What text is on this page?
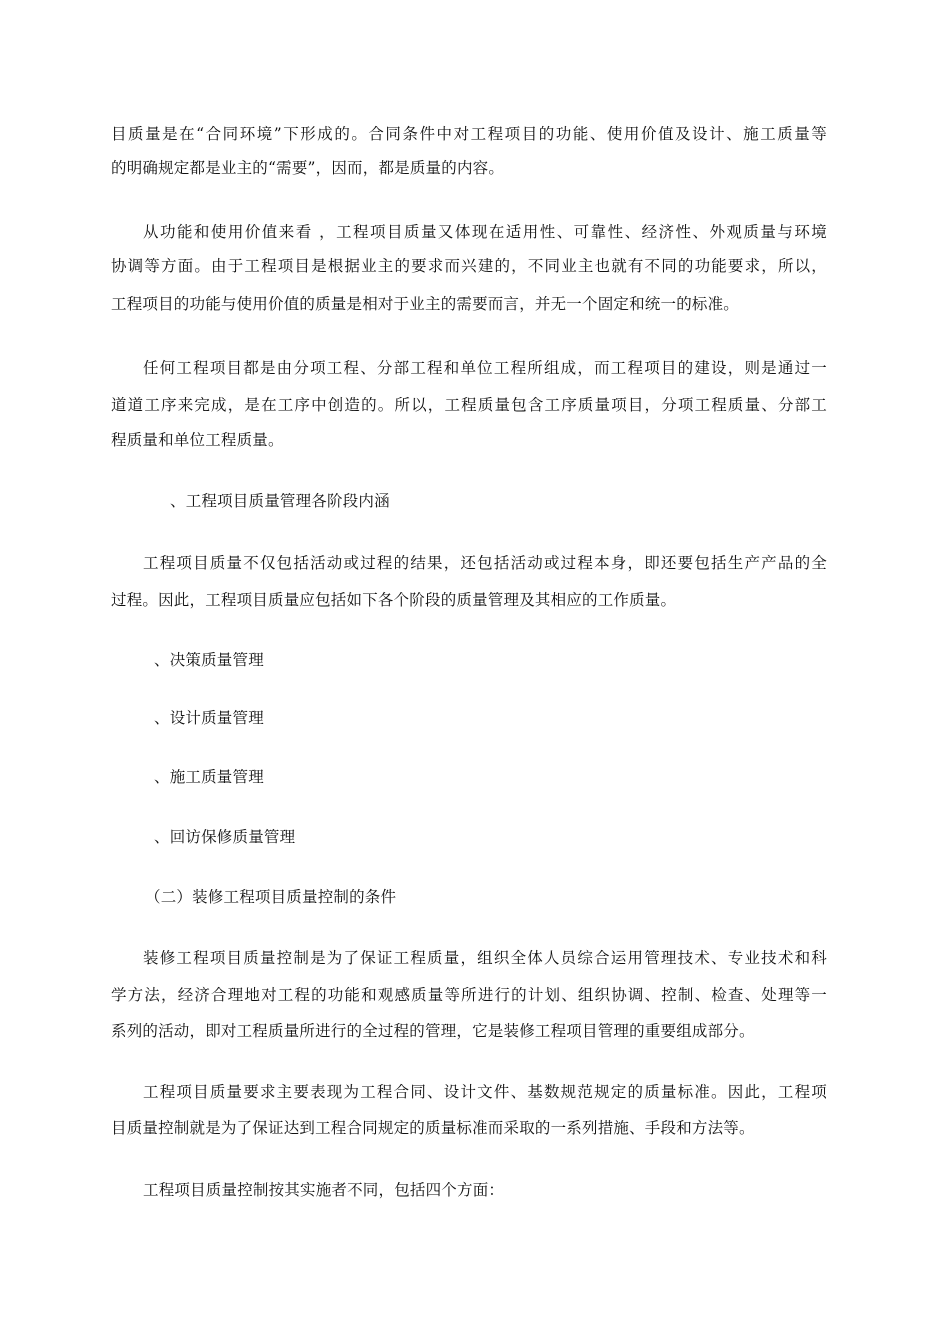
目质量是在“合同环境”下形成的。合同条件中对工程项目的功能、使用价值及设计、施工质量等
的明确规定都是业主的“需要”，因而，都是质量的内容。
从功能和使用价值来看 ，工程项目质量又体现在适用性、可靠性、经济性、外观质量与环境
协调等方面。由于工程项目是根据业主的要求而兴建的，不同业主也就有不同的功能要求，所以，
工程项目的功能与使用价值的质量是相对于业主的需要而言，并无一个固定和统一的标准。
任何工程项目都是由分项工程、分部工程和单位工程所组成，而工程项目的建设，则是通过一
道道工序来完成，是在工序中创造的。所以，工程质量包含工序质量项目，分项工程质量、分部工
程质量和单位工程质量。
、工程项目质量管理各阶段内涵
工程项目质量不仅包括活动或过程的结果，还包括活动或过程本身，即还要包括生产产品的全
过程。因此，工程项目质量应包括如下各个阶段的质量管理及其相应的工作质量。
、决策质量管理
、设计质量管理
、施工质量管理
、回访保修质量管理
（二）装修工程项目质量控制的条件
装修工程项目质量控制是为了保证工程质量，组织全体人员综合运用管理技术、专业技术和科
学方法，经济合理地对工程的功能和观感质量等所进行的计划、组织协调、控制、检查、处理等一
系列的活动，即对工程质量所进行的全过程的管理，它是装修工程项目管理的重要组成部分。
工程项目质量要求主要表现为工程合同、设计文件、基数规范规定的质量标准。因此，工程项
目质量控制就是为了保证达到工程合同规定的质量标准而采取的一系列措施、手段和方法等。
工程项目质量控制按其实施者不同，包括四个方面：
